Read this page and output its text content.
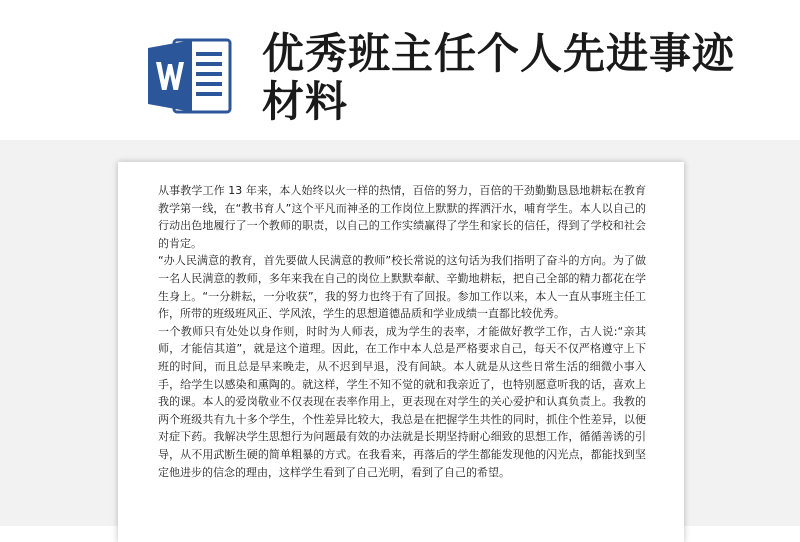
优秀班主任个人先进事迹材料

从事教学工作 13 年来，本人始终以火一样的热情，百倍的努力，百倍的干劲勤勤恳恳地耕耘在教育教学第一线，在“教书育人”这个平凡而神圣的工作岗位上默默的挥洒汗水，哺育学生。本人以自己的行动出色地履行了一个教师的职责，以自己的工作实绩赢得了学生和家长的信任，得到了学校和社会的肯定。

“办人民满意的教育，首先要做人民满意的教师”校长常说的这句话为我们指明了奋斗的方向。为了做一名人民满意的教师，多年来我在自己的岗位上默默奉献、辛勤地耕耘，把自己全部的精力都花在学生身上。“一分耕耘，一分收获”，我的努力也终于有了回报。参加工作以来，本人一直从事班主任工作，所带的班级班风正、学风浓，学生的思想道德品质和学业成绩一直都比较优秀。

一个教师只有处处以身作则，时时为人师表，成为学生的表率，才能做好教学工作，古人说:“亲其师，才能信其道”，就是这个道理。因此，在工作中本人总是严格要求自己，每天不仅严格遵守上下班的时间，而且总是早来晚走，从不迟到早退，没有间缺。本人就是从这些日常生活的细微小事入手，给学生以感染和熏陶的。就这样，学生不知不觉的就和我亲近了，也特别愿意听我的话，喜欢上我的课。本人的爱岗敬业不仅表现在表率作用上，更表现在对学生的关心爱护和认真负责上。我教的两个班级共有九十多个学生，个性差异比较大，我总是在把握学生共性的同时，抓住个性差异，以便对症下药。我解决学生思想行为问题最有效的办法就是长期坚持耐心细致的思想工作，循循善诱的引导，从不用武断生硬的简单粗暴的方式。在我看来，再落后的学生都能发现他的闪光点，都能找到坚定他进步的信念的理由，这样学生看到了自己光明，看到了自己的希望。
